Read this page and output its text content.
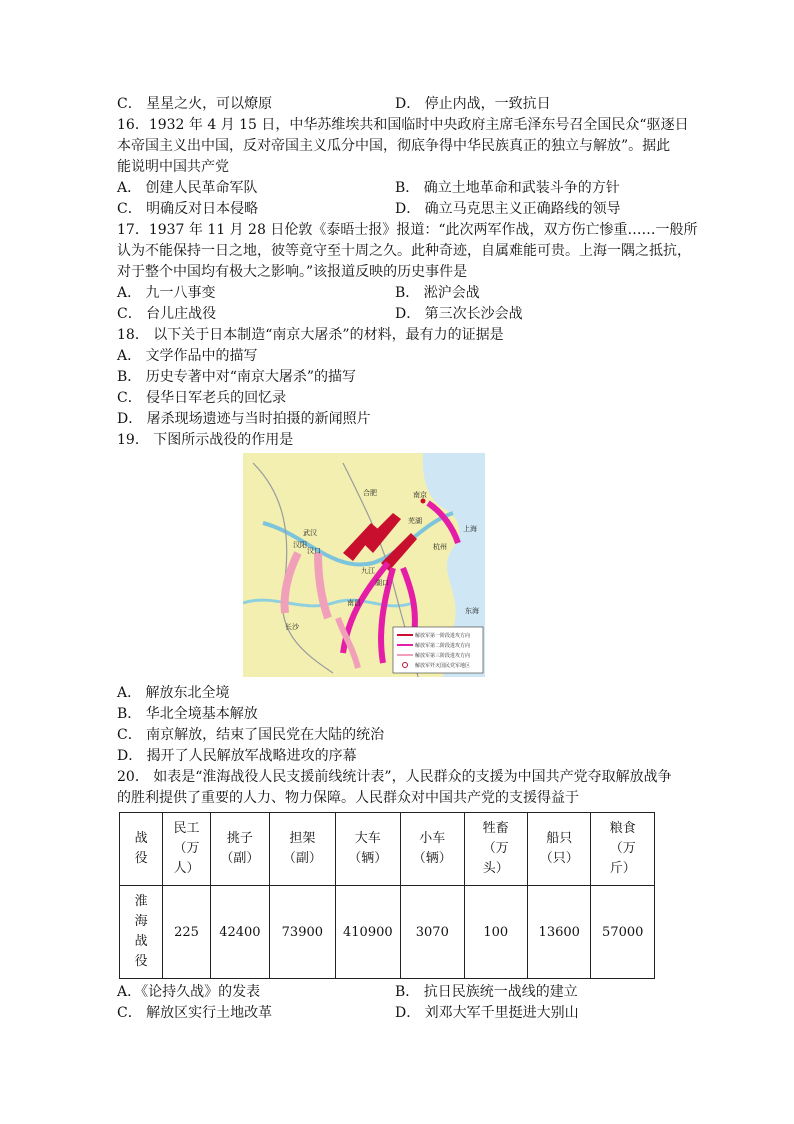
C． 星星之火，可以燎原	D． 停止内战，一致抗日
16．1932 年 4 月 15 日，中华苏维埃共和国临时中央政府主席毛泽东号召全国民众“驱逐日
本帝国主义出中国，反对帝国主义瓜分中国，彻底争得中华民族真正的独立与解放”。据此
能说明中国共产党
A． 创建人民革命军队	B． 确立土地革命和武装斗争的方针
C． 明确反对日本侵略	D． 确立马克思主义正确路线的领导
17．1937 年 11 月 28 日伦敦《泰晤士报》报道：“此次两军作战，双方伤亡惨重……一般所
认为不能保持一日之地，彼等竟守至十周之久。此种奇迹，自属难能可贵。上海一隅之抵抗，
对于整个中国均有极大之影响。”该报道反映的历史事件是
A． 九一八事变	B． 淞沪会战
C． 台儿庄战役	D． 第三次长沙会战
18． 以下关于日本制造“南京大屠杀”的材料，最有力的证据是
A． 文学作品中的描写
B． 历史专著中对“南京大屠杀”的描写
C． 侵华日军老兵的回忆录
D． 屠杀现场遗迹与当时拍摄的新闻照片
19． 下图所示战役的作用是
南京
合肥
芜湖
上海
杭州
九江
湖口
南昌
长沙
武汉
汉阳
汉口
东海
解放军第一阶段进攻方向
解放军第二阶段进攻方向
解放军第三阶段进攻方向
解放军歼灭国民党军地区
A． 解放东北全境
B． 华北全境基本解放
C． 南京解放，结束了国民党在大陆的统治
D． 揭开了人民解放军战略进攻的序幕
20． 如表是“淮海战役人民支援前线统计表”，人民群众的支援为中国共产党夺取解放战争
的胜利提供了重要的人力、物力保障。人民群众对中国共产党的支援得益于
战役	民工（万人）	挑子（副）	担架（副）	大车（辆）	小车（辆）	牲畜（万头）	船只（只）	粮食（万斤）
淮海战役	225	42400	73900	410900	3070	100	13600	57000
A．《论持久战》的发表	B． 抗日民族统一战线的建立
C． 解放区实行土地改革	D． 刘邓大军千里挺进大别山
